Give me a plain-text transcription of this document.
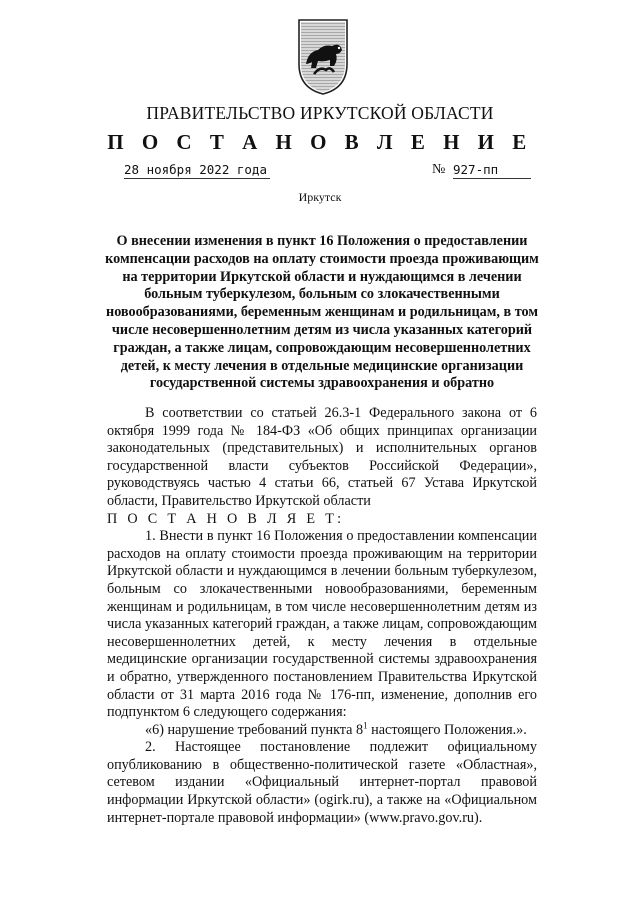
ПРАВИТЕЛЬСТВО ИРКУТСКОЙ ОБЛАСТИ
П О С Т А Н О В Л Е Н И Е
28 ноября 2022 года	№ 927-пп
Иркутск
О внесении изменения в пункт 16 Положения о предоставлении компенсации расходов на оплату стоимости проезда проживающим на территории Иркутской области и нуждающимся в лечении больным туберкулезом, больным со злокачественными новообразованиями, беременным женщинам и родильницам, в том числе несовершеннолетним детям из числа указанных категорий граждан, а также лицам, сопровождающим несовершеннолетних детей, к месту лечения в отдельные медицинские организации государственной системы здравоохранения и обратно

В соответствии со статьей 26.3-1 Федерального закона от 6 октября 1999 года № 184-ФЗ «Об общих принципах организации законодательных (представительных) и исполнительных органов государственной власти субъектов Российской Федерации», руководствуясь частью 4 статьи 66, статьей 67 Устава Иркутской области, Правительство Иркутской области

П О С Т А Н О В Л Я Е Т:

1. Внести в пункт 16 Положения о предоставлении компенсации расходов на оплату стоимости проезда проживающим на территории Иркутской области и нуждающимся в лечении больным туберкулезом, больным со злокачественными новообразованиями, беременным женщинам и родильницам, в том числе несовершеннолетним детям из числа указанных категорий граждан, а также лицам, сопровождающим несовершеннолетних детей, к месту лечения в отдельные медицинские организации государственной системы здравоохранения и обратно, утвержденного постановлением Правительства Иркутской области от 31 марта 2016 года № 176-пп, изменение, дополнив его подпунктом 6 следующего содержания:

«6) нарушение требований пункта $8^1$ настоящего Положения.».

2. Настоящее постановление подлежит официальному опубликованию в общественно-политической газете «Областная», сетевом издании «Официальный интернет-портал правовой информации Иркутской области» (ogirk.ru), а также на «Официальном интернет-портале правовой информации» (www.pravo.gov.ru).
